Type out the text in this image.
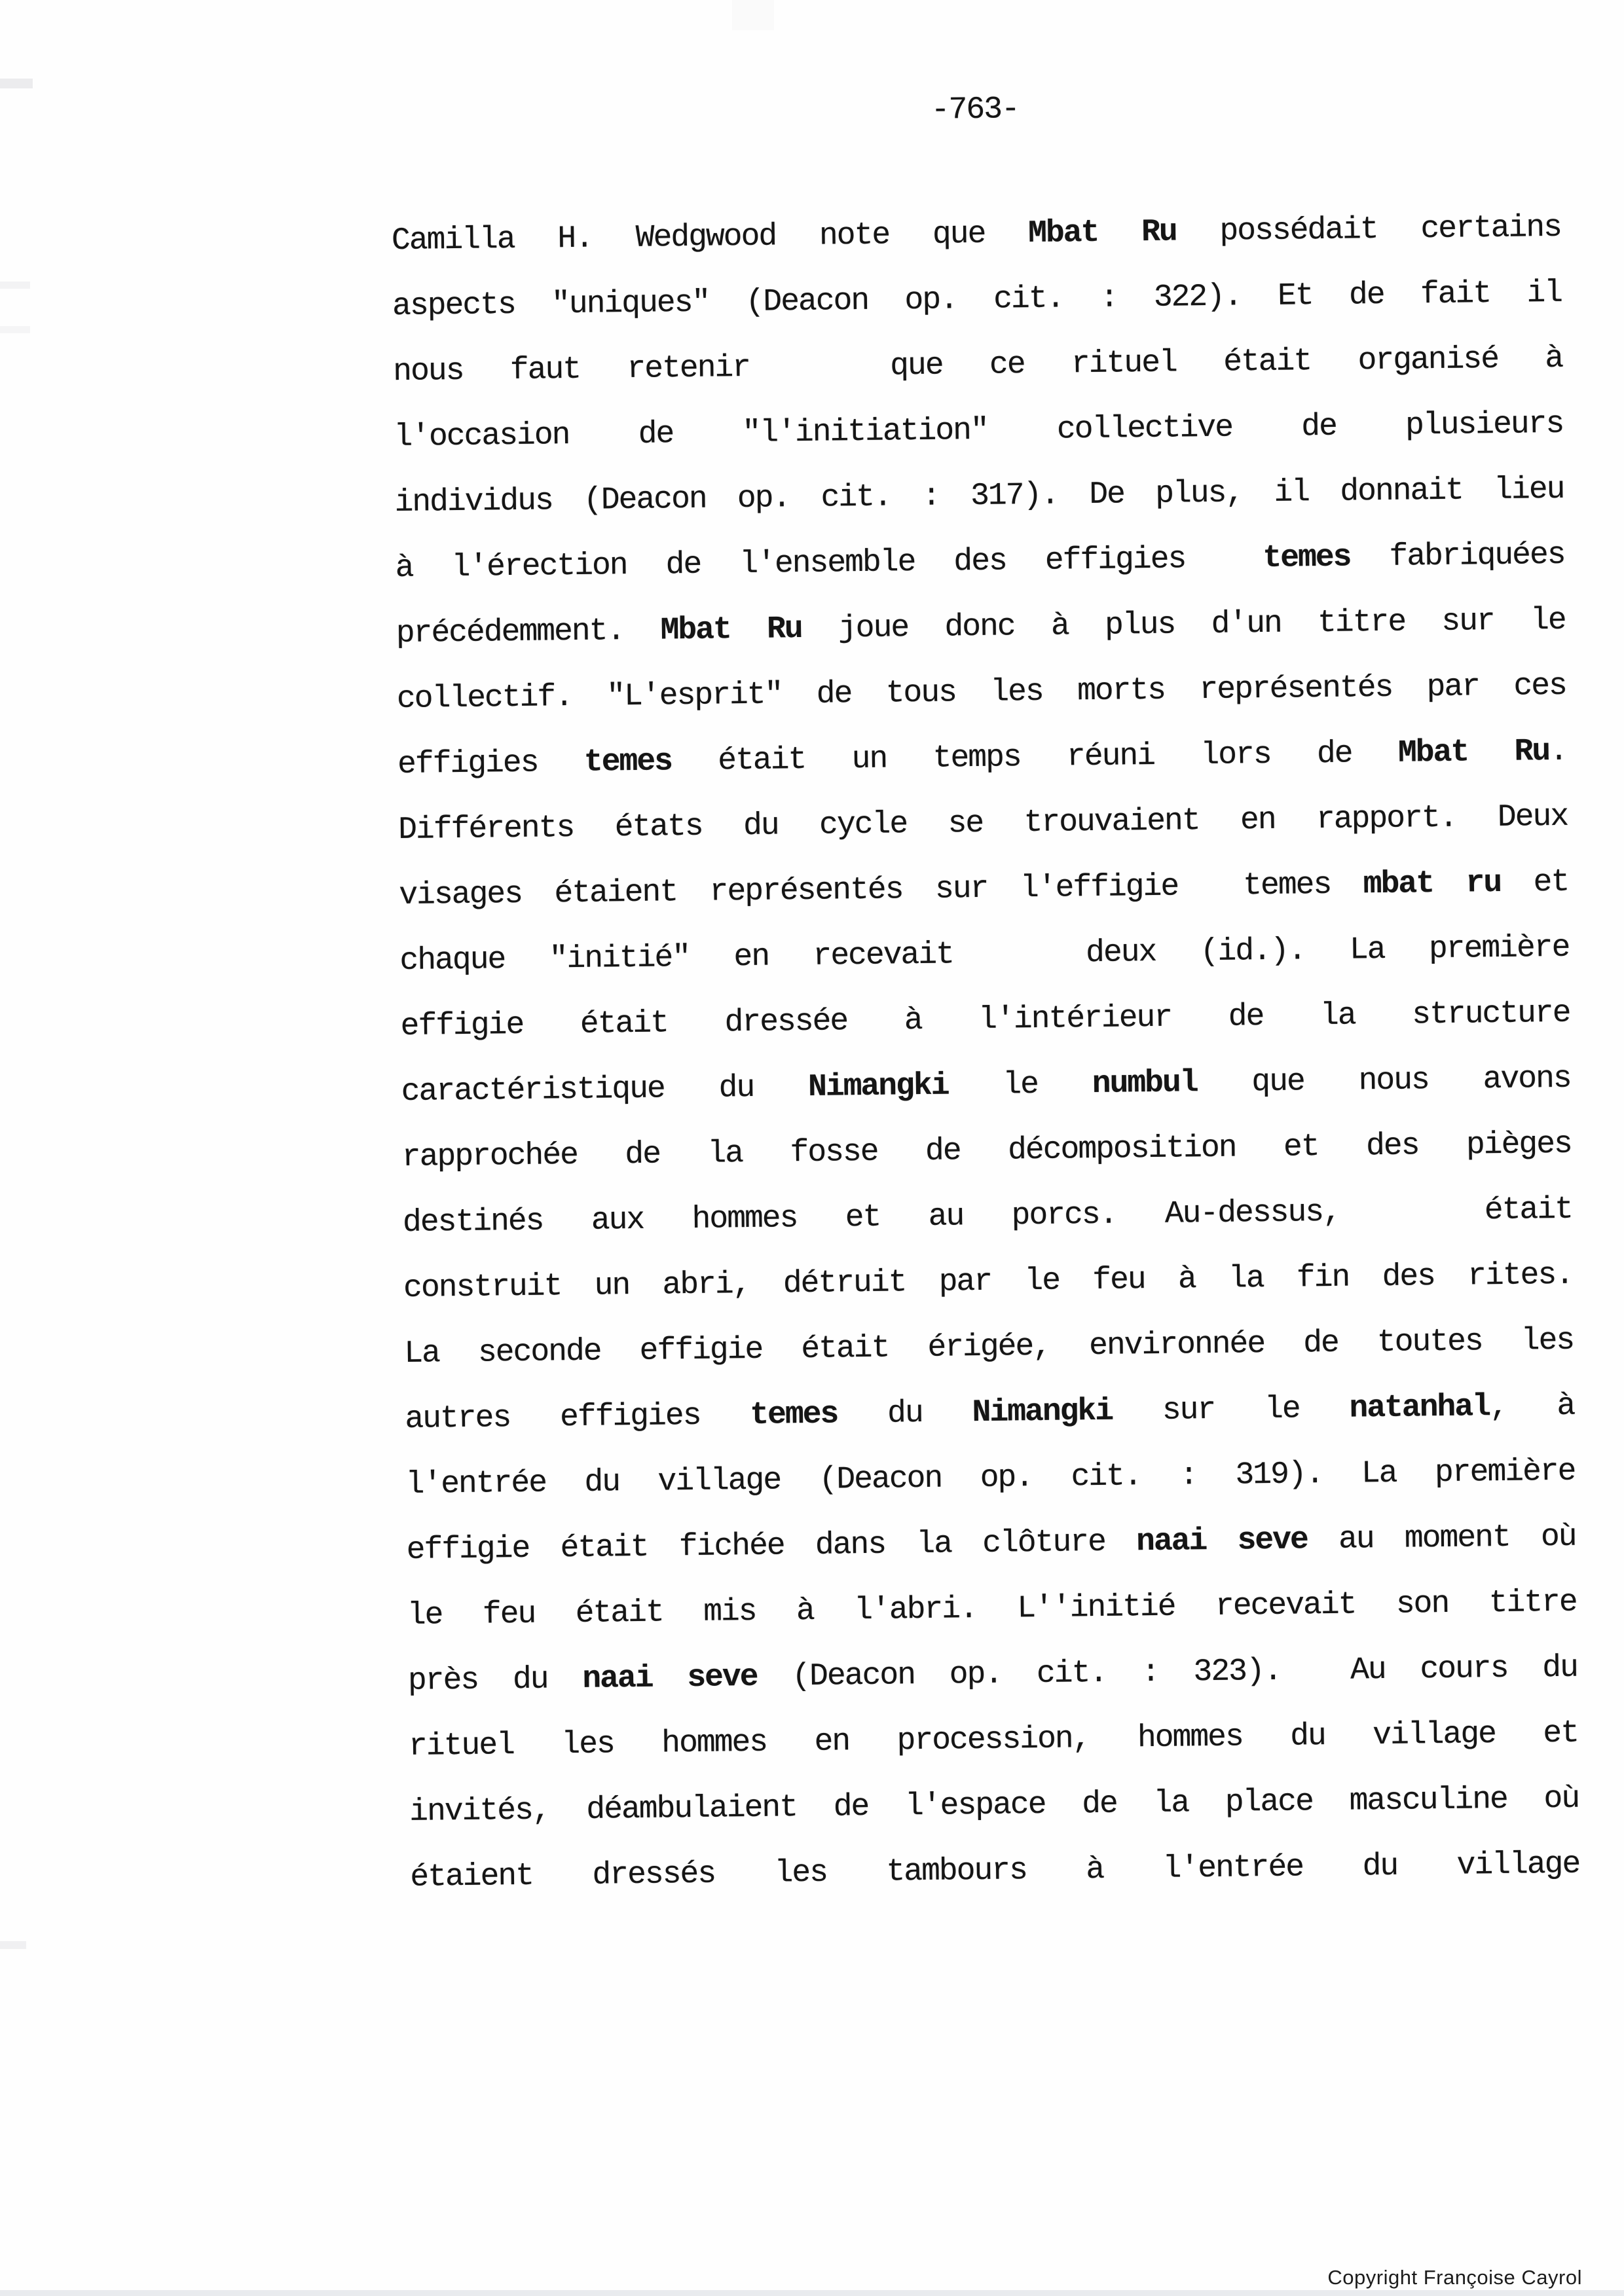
-763-
Camilla H. Wedgwood note que Mbat Ru possédait certains
aspects "uniques" (Deacon op. cit. : 322). Et de fait il
nous faut retenir   que ce rituel était organisé à
l'occasion de "l'initiation" collective de plusieurs
individus (Deacon op. cit. : 317). De plus, il donnait lieu
à l'érection de l'ensemble des effigies  temes fabriquées
précédemment. Mbat Ru joue donc à plus d'un titre sur le
collectif. "L'esprit" de tous les morts représentés par ces
effigies temes était un temps réuni lors de Mbat Ru.
Différents états du cycle se trouvaient en rapport. Deux
visages étaient représentés sur l'effigie  temes mbat ru et
chaque "initié" en recevait   deux (id.). La première
effigie était dressée à l'intérieur de la structure
caractéristique du Nimangki le numbul que nous avons
rapprochée de la fosse de décomposition et des pièges
destinés aux hommes et au porcs. Au-dessus,   était
construit un abri, détruit par le feu à la fin des rites.
La seconde effigie était érigée, environnée de toutes les
autres effigies temes du Nimangki sur le natanhal, à
l'entrée du village (Deacon op. cit. : 319). La première
effigie était fichée dans la clôture naai seve au moment où
le feu était mis à l'abri. L''initié recevait son titre
près du naai seve (Deacon op. cit. : 323).  Au cours du
rituel les hommes en procession, hommes du village et
invités, déambulaient de l'espace de la place masculine où
étaient dressés les tambours à l'entrée du village
Copyright Françoise Cayrol
